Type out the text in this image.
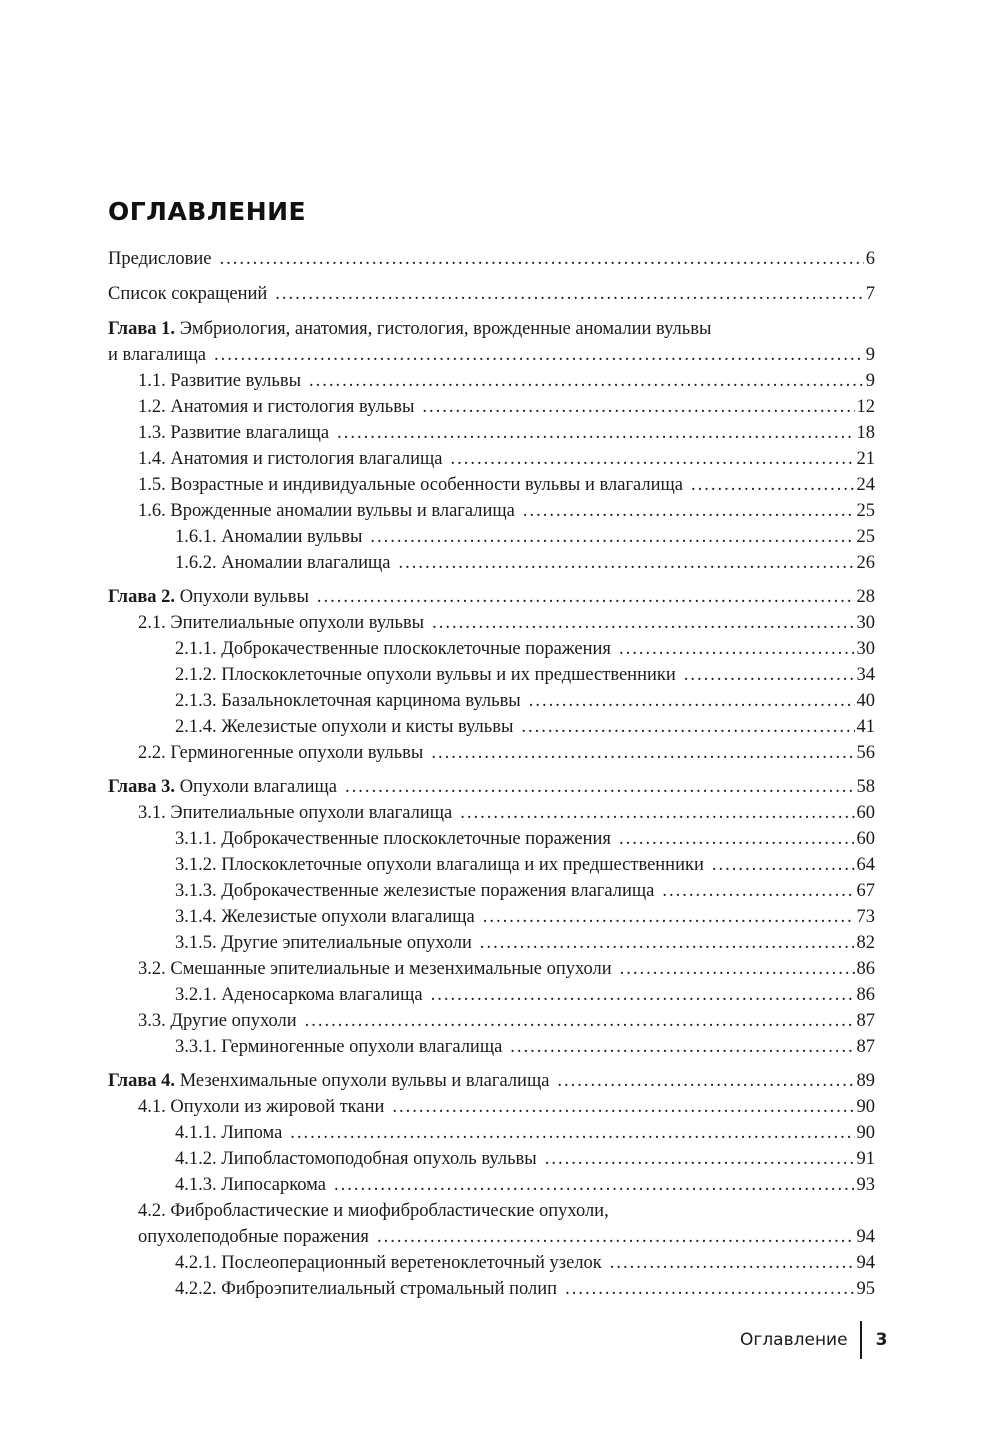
ОГЛАВЛЕНИЕ
Предисловие .....	6
Список сокращений .....	7
Глава 1. Эмбриология, анатомия, гистология, врожденные аномалии вульвы
и влагалища .....	9
1.1. Развитие вульвы .....	9
1.2. Анатомия и гистология вульвы .....	12
1.3. Развитие влагалища .....	18
1.4. Анатомия и гистология влагалища .....	21
1.5. Возрастные и индивидуальные особенности вульвы и влагалища .....	24
1.6. Врожденные аномалии вульвы и влагалища .....	25
1.6.1. Аномалии вульвы .....	25
1.6.2. Аномалии влагалища .....	26
Глава 2. Опухоли вульвы .....	28
2.1. Эпителиальные опухоли вульвы .....	30
2.1.1. Доброкачественные плоскоклеточные поражения .....	30
2.1.2. Плоскоклеточные опухоли вульвы и их предшественники .....	34
2.1.3. Базальноклеточная карцинома вульвы .....	40
2.1.4. Железистые опухоли и кисты вульвы .....	41
2.2. Герминогенные опухоли вульвы .....	56
Глава 3. Опухоли влагалища .....	58
3.1. Эпителиальные опухоли влагалища .....	60
3.1.1. Доброкачественные плоскоклеточные поражения .....	60
3.1.2. Плоскоклеточные опухоли влагалища и их предшественники .....	64
3.1.3. Доброкачественные железистые поражения влагалища .....	67
3.1.4. Железистые опухоли влагалища .....	73
3.1.5. Другие эпителиальные опухоли .....	82
3.2. Смешанные эпителиальные и мезенхимальные опухоли .....	86
3.2.1. Аденосаркома влагалища .....	86
3.3. Другие опухоли .....	87
3.3.1. Герминогенные опухоли влагалища .....	87
Глава 4. Мезенхимальные опухоли вульвы и влагалища .....	89
4.1. Опухоли из жировой ткани .....	90
4.1.1. Липома .....	90
4.1.2. Липобластомоподобная опухоль вульвы .....	91
4.1.3. Липосаркома .....	93
4.2. Фибробластические и миофибробластические опухоли,
опухолеподобные поражения .....	94
4.2.1. Послеоперационный веретеноклеточный узелок .....	94
4.2.2. Фиброэпителиальный стромальный полип .....	95
Оглавление 3
